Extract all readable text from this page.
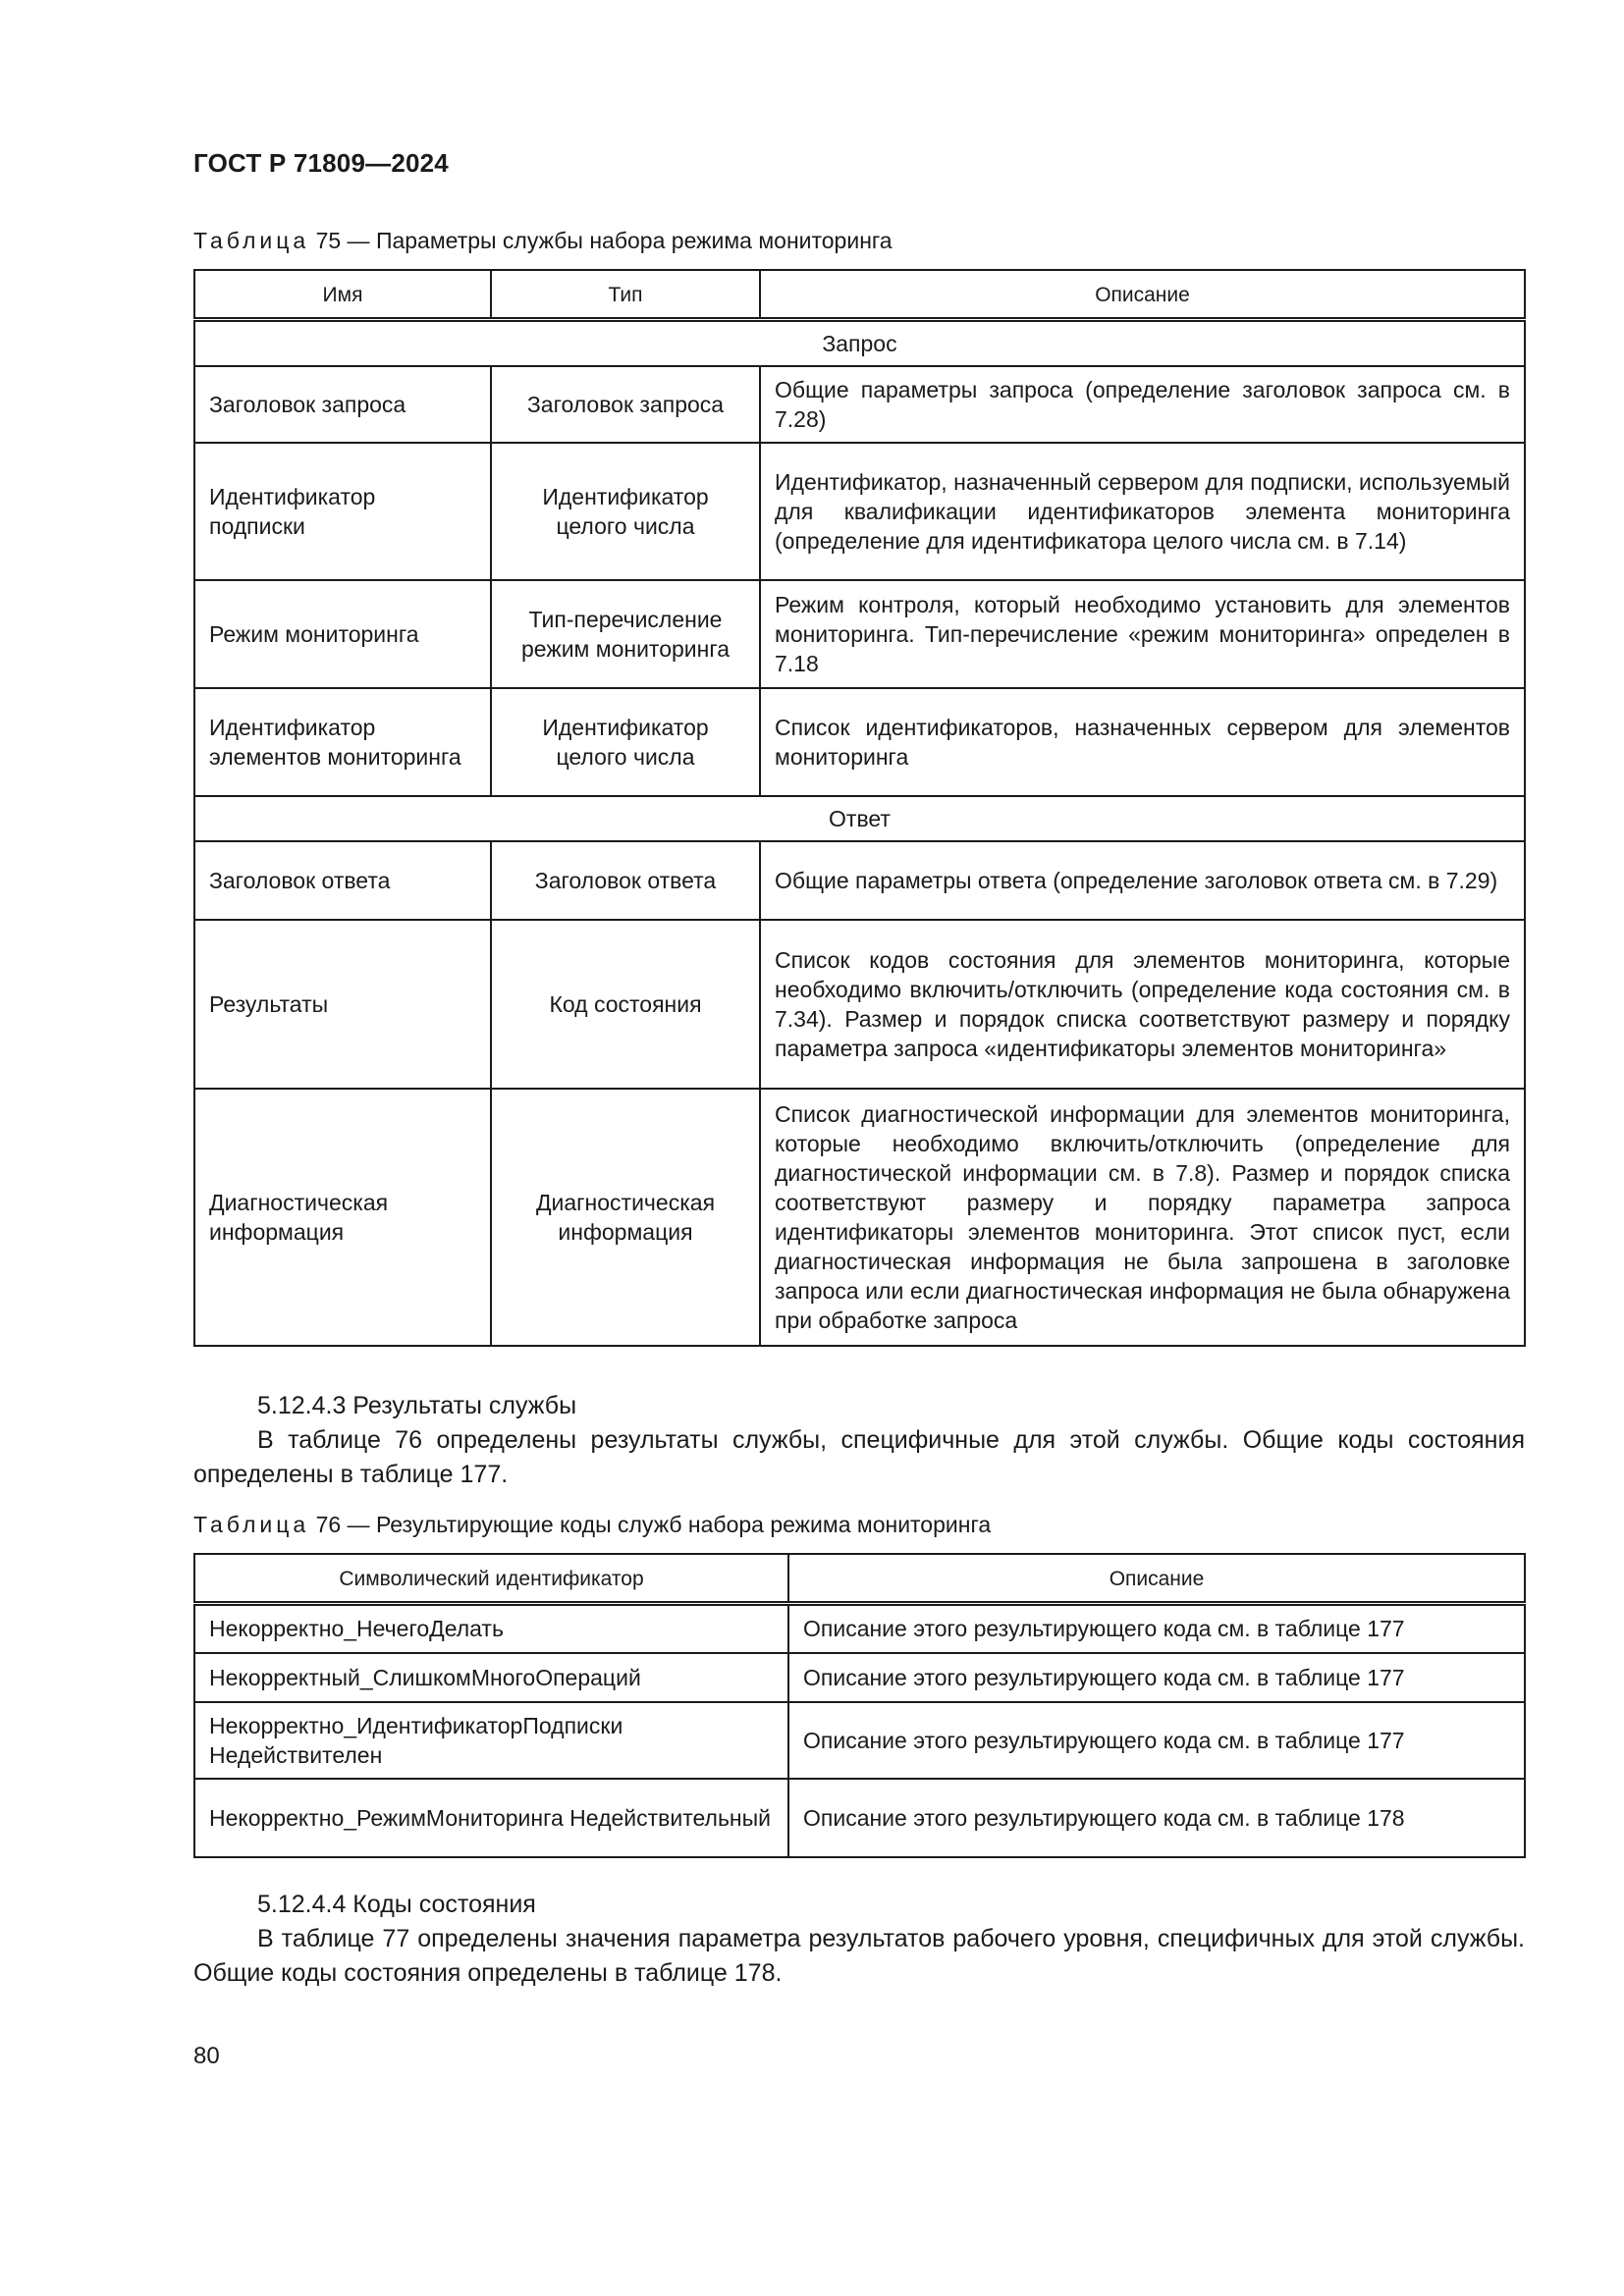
ГОСТ Р 71809—2024
Таблица 75 — Параметры службы набора режима мониторинга
Имя	Тип	Описание
Запрос		
Заголовок запроса	Заголовок запроса	Общие параметры запроса (определение заголовок запроса см. в 7.28)
Идентификатор подписки	Идентификатор целого числа	Идентификатор, назначенный сервером для подписки, используемый для квалификации идентификаторов элемента мониторинга (определение для идентификатора целого числа см. в 7.14)
Режим мониторинга	Тип-перечисление режим мониторинга	Режим контроля, который необходимо установить для элементов мониторинга. Тип-перечисление «режим мониторинга» определен в 7.18
Идентификатор элементов мониторинга	Идентификатор целого числа	Список идентификаторов, назначенных сервером для элементов мониторинга
Ответ		
Заголовок ответа	Заголовок ответа	Общие параметры ответа (определение заголовок ответа см. в 7.29)
Результаты	Код состояния	Список кодов состояния для элементов мониторинга, которые необходимо включить/отключить (определение кода состояния см. в 7.34). Размер и порядок списка соответствуют размеру и порядку параметра запроса «идентификаторы элементов мониторинга»
Диагностическая информация	Диагностическая информация	Список диагностической информации для элементов мониторинга, которые необходимо включить/отключить (определение для диагностической информации см. в 7.8). Размер и порядок списка соответствуют размеру и порядку параметра запроса идентификаторы элементов мониторинга. Этот список пуст, если диагностическая информация не была запрошена в заголовке запроса или если диагностическая информация не была обнаружена при обработке запроса
5.12.4.3 Результаты службы
В таблице 76 определены результаты службы, специфичные для этой службы. Общие коды состояния определены в таблице 177.
Таблица 76 — Результирующие коды служб набора режима мониторинга
Символический идентификатор	Описание
Некорректно_НечегоДелать	Описание этого результирующего кода см. в таблице 177
Некорректный_СлишкомМногоОпераций	Описание этого результирующего кода см. в таблице 177
Некорректно_ИдентификаторПодписки Недействителен	Описание этого результирующего кода см. в таблице 177
Некорректно_РежимМониторинга Недействительный	Описание этого результирующего кода см. в таблице 178
5.12.4.4 Коды состояния
В таблице 77 определены значения параметра результатов рабочего уровня, специфичных для этой службы. Общие коды состояния определены в таблице 178.
80
